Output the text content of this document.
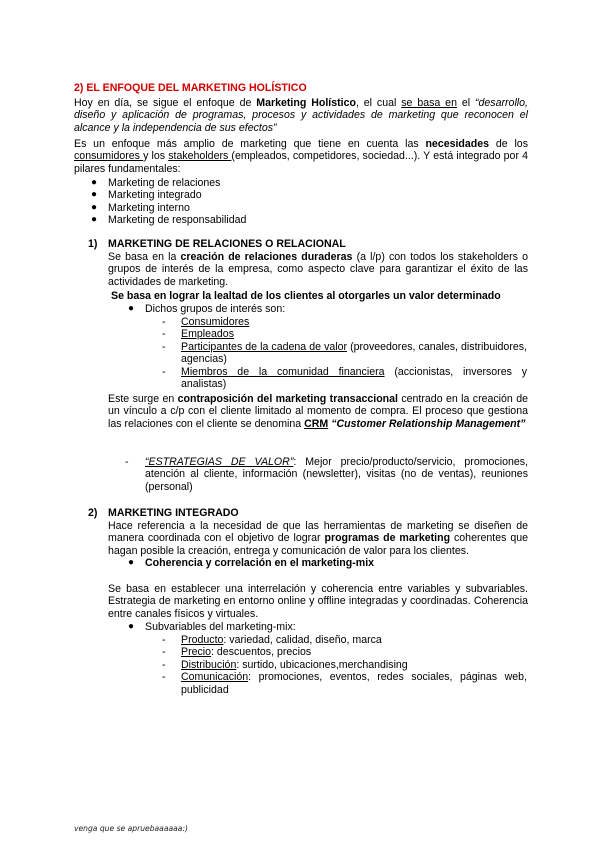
2) EL ENFOQUE DEL MARKETING HOLÍSTICO

Hoy en día, se sigue el enfoque de Marketing Holístico, el cual se basa en el “desarrollo, diseño y aplicación de programas, procesos y actividades de marketing que reconocen el alcance y la independencia de sus efectos”

Es un enfoque más amplio de marketing que tiene en cuenta las necesidades de los consumidores y los stakeholders (empleados, competidores, sociedad...). Y está integrado por 4 pilares fundamentales:

● Marketing de relaciones
● Marketing integrado
● Marketing interno
● Marketing de responsabilidad
1) MARKETING DE RELACIONES O RELACIONAL

Se basa en la creación de relaciones duraderas (a l/p) con todos los stakeholders o grupos de interés de la empresa, como aspecto clave para garantizar el éxito de las actividades de marketing.

Se basa en lograr la lealtad de los clientes al otorgarles un valor determinado
● Dichos grupos de interés son:
- Consumidores
- Empleados
- Participantes de la cadena de valor (proveedores, canales, distribuidores, agencias)
- Miembros de la comunidad financiera (accionistas, inversores y analistas)

Este surge en contraposición del marketing transaccional centrado en la creación de un vínculo a c/p con el cliente limitado al momento de compra. El proceso que gestiona las relaciones con el cliente se denomina CRM “Customer Relationship Management”

- “ESTRATEGIAS DE VALOR”: Mejor precio/producto/servicio, promociones, atención al cliente, información (newsletter), visitas (no de ventas), reuniones (personal)
2) MARKETING INTEGRADO

Hace referencia a la necesidad de que las herramientas de marketing se diseñen de manera coordinada con el objetivo de lograr programas de marketing coherentes que hagan posible la creación, entrega y comunicación de valor para los clientes.

● Coherencia y correlación en el marketing-mix

Se basa en establecer una interrelación y coherencia entre variables y subvariables. Estrategia de marketing en entorno online y offline integradas y coordinadas. Coherencia entre canales físicos y virtuales.

● Subvariables del marketing-mix:
- Producto: variedad, calidad, diseño, marca
- Precio: descuentos, precios
- Distribución: surtido, ubicaciones,merchandising
- Comunicación: promociones, eventos, redes sociales, páginas web, publicidad
venga que se apruebaaaaaa:)
